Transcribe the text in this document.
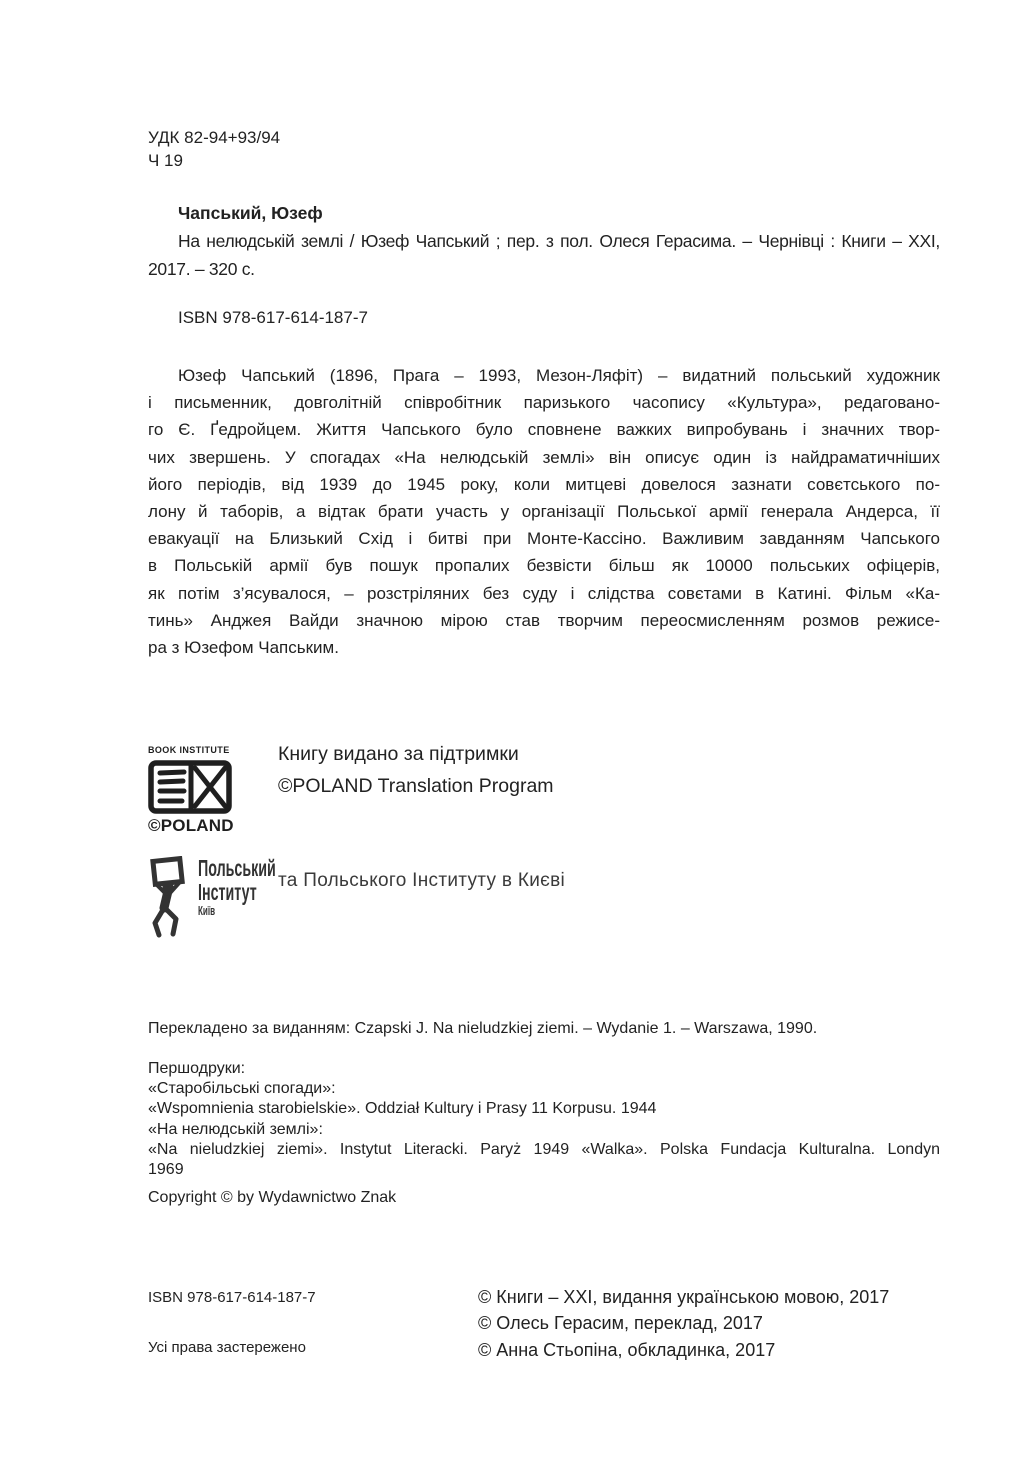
УДК 82-94+93/94
Ч 19
Чапський, Юзеф

На нелюдській землі / Юзеф Чапський ; пер. з пол. Олеся Герасима. – Чернівці : Книги – XXI, 2017. – 320 с.

ISBN 978-617-614-187-7
Юзеф Чапський (1896, Прага – 1993, Мезон-Ляфіт) – видатний польський художник
і письменник, довголітній співробітник паризького часопису «Культура», редаговано-
го Є. Ґедройцем. Життя Чапського було сповнене важких випробувань і значних твор-
чих звершень. У спогадах «На нелюдській землі» він описує один із найдраматичніших
його періодів, від 1939 до 1945 року, коли митцеві довелося зазнати совєтського по-
лону й таборів, а відтак брати участь у організації Польської армії генерала Андерса, її
евакуації на Близький Схід і битві при Монте-Кассіно. Важливим завданням Чапського
в Польській армії був пошук пропалих безвісти більш як 10000 польських офіцерів,
як потім з’ясувалося, – розстріляних без суду і слідства совєтами в Катині. Фільм «Ка-
тинь» Анджея Вайди значною мірою став творчим переосмисленням розмов режисе-
ра з Юзефом Чапським.
BOOK INSTITUTE
©POLAND
Книгу видано за підтримки
©POLAND Translation Program
Польський
Інститут
Київ
та Польського Інституту в Києві
Перекладено за виданням: Czapski J. Na nieludzkiej ziemi. – Wydanie 1. – Warszawa, 1990.
Першодруки:
«Старобільські спогади»:
«Wspomnienia starobielskie». Oddział Kultury i Prasy 11 Korpusu. 1944
«На нелюдській землі»:
«Na nieludzkiej ziemi». Instytut Literacki. Paryż 1949 «Walka». Polska Fundacja Kulturalna. Londyn
1969
Copyright © by Wydawnictwo Znak
ISBN 978-617-614-187-7
Усі права застережено
© Книги – XXI, видання українською мовою, 2017
© Олесь Герасим, переклад, 2017
© Анна Стьопіна, обкладинка, 2017
